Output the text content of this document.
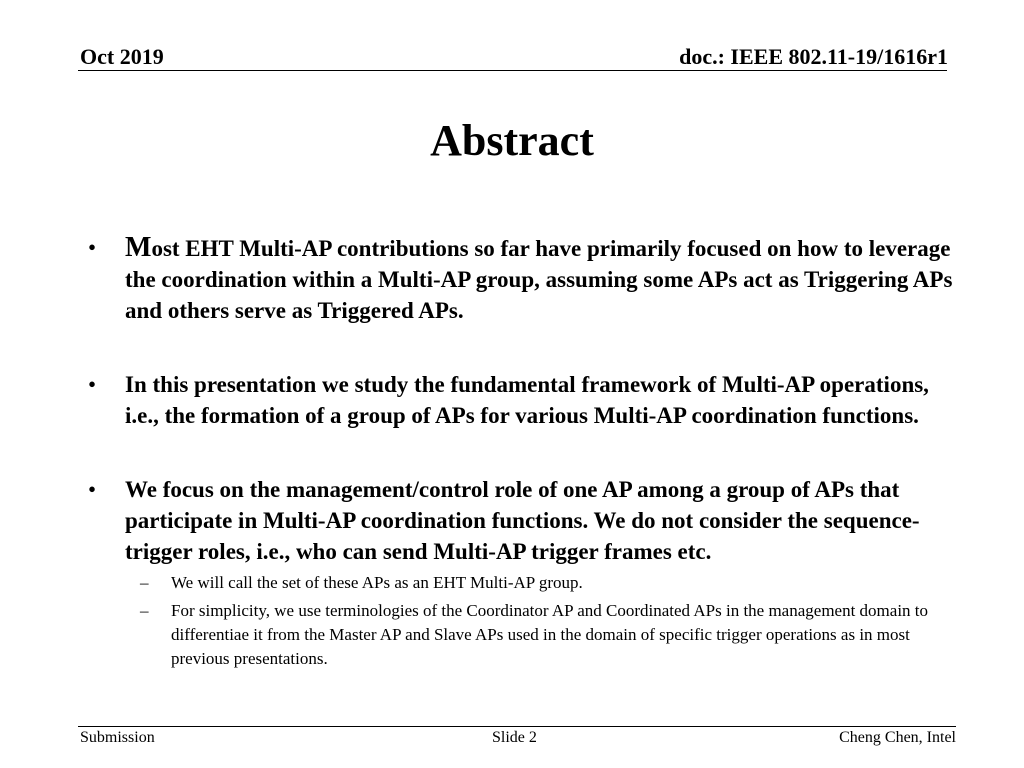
Oct 2019	doc.: IEEE 802.11-19/1616r1
Abstract
• Most EHT Multi-AP contributions so far have primarily focused on how to leverage the coordination within a Multi-AP group, assuming some APs act as Triggering APs and others serve as Triggered APs.
• In this presentation we study the fundamental framework of Multi-AP operations, i.e., the formation of a group of APs for various Multi-AP coordination functions.
• We focus on the management/control role of one AP among a group of APs that participate in Multi-AP coordination functions. We do not consider the sequence-trigger roles, i.e., who can send Multi-AP trigger frames etc.
– We will call the set of these APs as an EHT Multi-AP group.
– For simplicity, we use terminologies of the Coordinator AP and Coordinated APs in the management domain to differentiae it from the Master AP and Slave APs used in the domain of specific trigger operations as in most previous presentations.
Submission	Slide 2	Cheng Chen, Intel
